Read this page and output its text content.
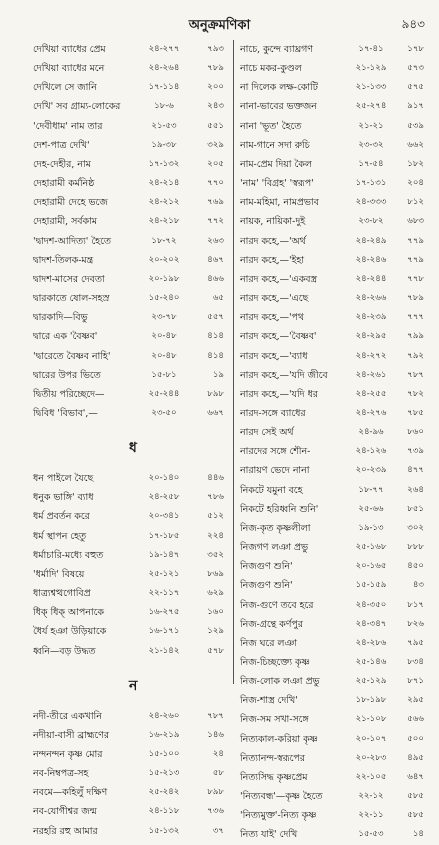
অনুক্রমণিকা	৯৪৩
দেখিয়া ব্যাধের প্রেম	২৪-২৭৭	৭৯৩
দেখিয়া ব্যাধের মনে	২৪-২৬৪	৭৮৯
দেখিলে সে জানি	১৭-১১৪	২০০
দেখি' সব গ্রাম্য-লোকের	১৮-৬	২৪৩
'দেবীধাম' নাম তার	২১-৫৩	৫৫১
দেশ-পাত্র দেখি'	১৯-৩৮	৩২৯
দেহ-দেহীর, নাম	১৭-১৩২	২০৫
দেহারামী কর্মনিষ্ঠ	২৪-২১৪	৭৭০
দেহারামী দেহে ভজে	২৪-২১২	৭৬৯
দেহারামী, সর্বকাম	২৪-২১৮	৭৭২
'দ্বাদশ-আদিত্য' হৈতে	১৮-৭২	২৬৩
দ্বাদশ-তিলক-মন্ত্র	২০-২০২	৪৬৭
দ্বাদশ-মাসের দেবতা	২০-১৯৮	৪৬৬
দ্বারকাতে ষোল-সহস্র	১৫-২৪০	৬৫
দ্বারকাদি—বিভু	২৩-৭৮	৫৫৭
দ্বারে এক 'বৈষ্ণব'	২০-৪৮	৪১৪
'দ্বারেতে বৈষ্ণব নাহি'	২০-৪৮	৪১৪
দ্বারের উপর ভিতে	১৫-৮১	১৯
দ্বিতীয় পরিচ্ছেদে—	২৫-২৪৪	৮৯৮
দ্বিবিধ 'বিভাব',—	২৩-৫০	৬৬৭
ধ
ধন পাইলে যৈছে	২০-১৪০	৪৪৬
ধনুক ভাঙ্গি' ব্যাধ	২৪-২৫৮	৭৮৬
ধর্ম প্রবর্তন করে	২০-৩৪১	৫১২
ধর্ম স্থাপন হেতু	১৭-১৮৫	২২৪
ধর্মাচারি-মধ্যে বহুত	১৯-১৪৭	৩৫২
'ধর্মাদি' বিষয়ে	২৫-১২১	৮৬৯
ধাত্র্যশ্বত্থগোবিপ্র	২২-১১৭	৬২৯
ধিক্ ধিক্ আপনাকে	১৬-২৭৫	১৬০
ধৈর্য হঞা উড়িয়াকে	১৬-১৭১	১২৯
ধ্বনি—বড় উদ্ধত	২১-১৪২	৫৭৮
ন
নদী-তীরে একখানি	২৪-২৬০	৭৮৭
নদীয়া-বাসী ব্রাহ্মণের	১৬-২১৯	১৪৬
নন্দনন্দন কৃষ্ণ মোর	১৫-১০০	২৪
নব-নিম্বপত্র-সহ	১৫-২১৩	৫৮
নবমে—কহিলুঁ দক্ষিণ	২৫-২৪২	৮৯৮
নব-যোগীশ্বর জন্ম	২৪-১১৮	৭৩৬
নরহরি রহু আমার	১৫-১৩২	৩৭
নাচে, কুন্দে ব্যাঘ্রগণ	১৭-৪১	১৭৮
নাচে মকর-কুণ্ডল	২১-১২৯	৫৭৩
না দিলেক লক্ষ-কোটি	২১-১৩৩	৫৭৫
নানা-ভাবের ভক্তজন	২৫-২৭৪	৯১৭
নানা 'ভূত' হৈতে	২১-২১	৫৩৯
নাম-গানে সদা রুচি	২৩-৩২	৬৬২
নাম-প্রেম দিয়া কৈল	১৭-৫৪	১৮২
'নাম' 'বিগ্রহ' 'স্বরূপ'	১৭-১৩১	২০৪
নাম-মহিমা, নামপ্রভাব	২৪-৩৩৩	৮১২
নায়ক, নায়িকা-দুই	২৩-৮২	৬৮৩
নারদ কহে,—'অর্থ	২৪-২৪৯	৭৭৯
নারদ কহে,—'ইহা	২৪-২৪৬	৭৭৯
নারদ কহে,—'একবস্ত্র	২৪-২৪৪	৭৭৮
নারদ কহে,—'এছে	২৪-২৬৬	৭৮৯
নারদ কহে,—'পথ	২৪-২৩৯	৭৭৭
নারদ কহে,—'বৈষ্ণব'	২৪-২৯৫	৭৯৯
নারদ কহে,—'ব্যাধ	২৪-২৭২	৭৯২
নারদ কহে,—'যদি জীবে	২৪-২৬১	৭৮৭
নারদ কহে,—'যদি ধর	২৪-২৫৫	৭৮২
নারদ-সঙ্গে ব্যাধের	২৪-২৭৬	৭৮৫
নারদ সেই অর্থ	২৪-৯৬	৮৬০
নারদের সঙ্গে শৌন-	২৪-১২৬	৭৩৯
নারায়ণ ভেদে নানা	২০-২৩৯	৪৭৭
নিকটে যমুনা বহে	১৮-৭৭	২৬৪
নিকটে হরিধ্বনি শুনি'	২৫-৬৬	৮৫১
নিজ-কৃত কৃষ্ণলীলা	১৯-১৩	৩০২
নিজগণ লঞা প্রভু	২৫-১৬৮	৮৮৮
নিজগুণ শুনি'	২০-১৬৫	৪৫০
নিজগুণ শুনি'	১৫-১৫৯	৪৩
নিজ-গুণে তবে হরে	২৪-৩৫০	৮১৭
নিজ-গ্রন্থে কর্ণপুর	২৪-৩৪৭	৮২৬
নিজ ঘরে লঞা	২৪-২৮৬	৭৯৫
নিজ-চিচ্ছক্ত্যে কৃষ্ণ	২৫-১৪৬	৮৩৪
নিজ-লোক লঞা প্রভু	২৫-১২৯	৮৭১
নিজ-শাস্ত্র দেখি'	১৮-১৯৮	২৯৫
নিজ-সম সখা-সঙ্গে	২১-১০৮	৫৬৬
নিত্যকাল-করিয়া কৃষ্ণ	২০-১০৭	৫০০
নিত্যানন্দ-স্বরূপের	২০-২৮৩	৪৯৫
নিত্যসিদ্ধ কৃষ্ণপ্রেম	২২-১০৫	৬৪৭
'নিত্যবন্ধ'—কৃষ্ণ হৈতে	২২-১২	৫৮৫
'নিত্যমুক্ত'-নিত্য কৃষ্ণ	২২-১১	৫৮৫
নিত্য যাই' দেখি	১৫-৫৩	১৪
